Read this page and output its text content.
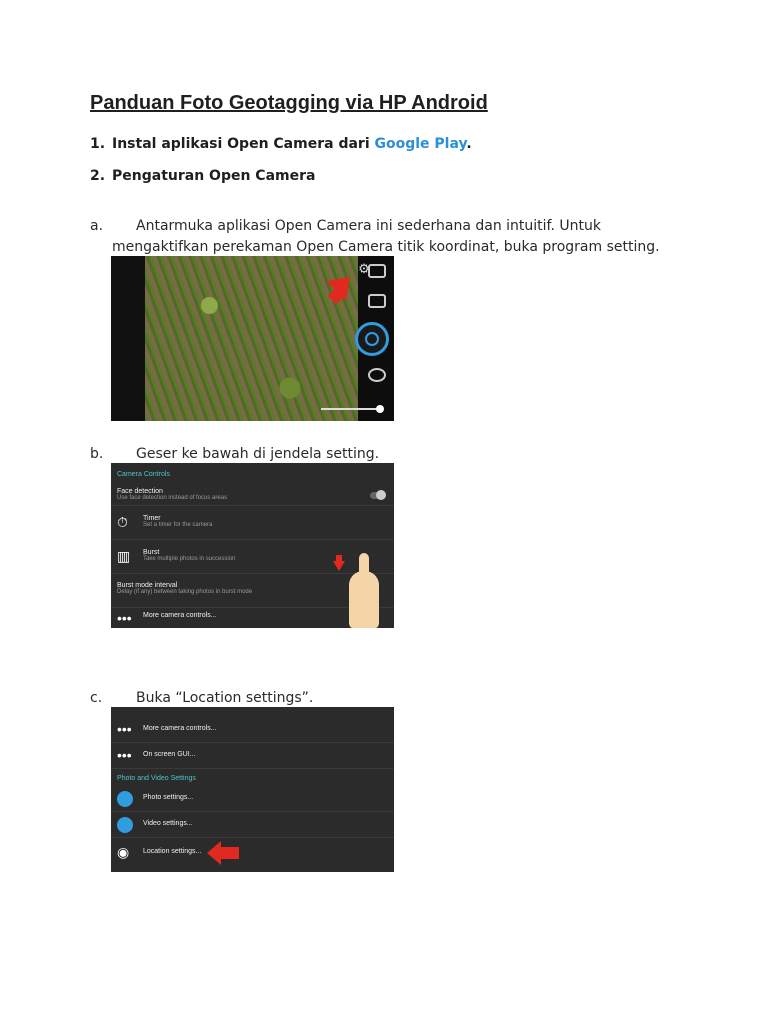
Panduan Foto Geotagging via HP Android
1. Instal aplikasi Open Camera dari Google Play.
2. Pengaturan Open Camera
a. Antarmuka aplikasi Open Camera ini sederhana dan intuitif. Untuk
mengaktifkan perekaman Open Camera titik koordinat, buka program setting.
⚙
b. Geser ke bawah di jendela setting.
Camera Controls
Face detection
Use face detection instead of focus areas
⏱	Timer
Set a timer for the camera
▥	Burst
Take multiple photos in succession
Burst mode interval
Delay (if any) between taking photos in burst mode
••• More camera controls...
c. Buka “Location settings”.
••• More camera controls...
••• On screen GUI...
Photo and Video Settings
Photo settings...
Video settings...
◉	Location settings...
